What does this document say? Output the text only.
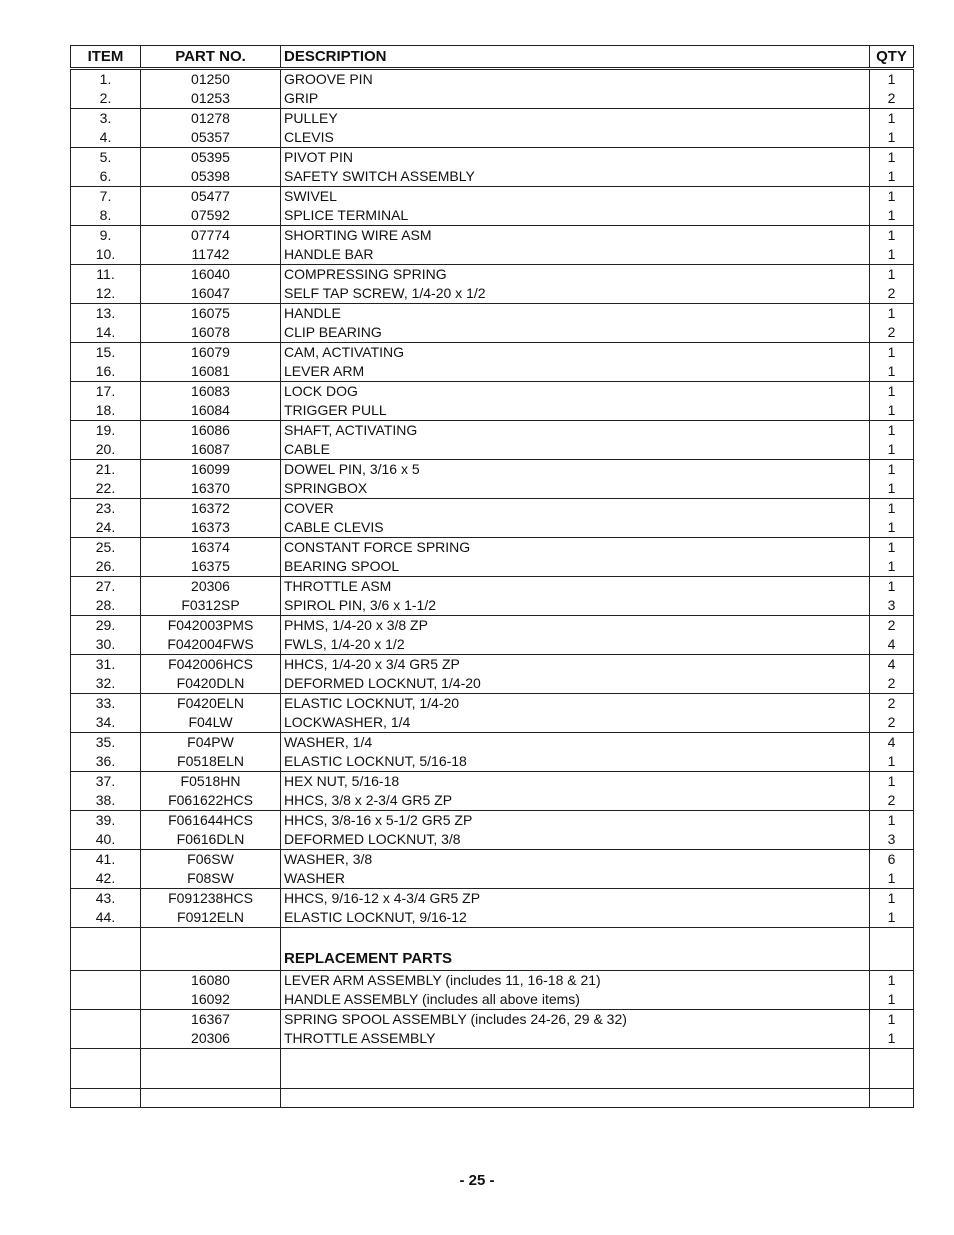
ITEM	PART NO.	DESCRIPTION	QTY
1.	01250	GROOVE PIN	1
2.	01253	GRIP	2
3.	01278	PULLEY	1
4.	05357	CLEVIS	1
5.	05395	PIVOT PIN	1
6.	05398	SAFETY SWITCH ASSEMBLY	1
7.	05477	SWIVEL	1
8.	07592	SPLICE TERMINAL	1
9.	07774	SHORTING WIRE ASM	1
10.	11742	HANDLE BAR	1
11.	16040	COMPRESSING SPRING	1
12.	16047	SELF TAP SCREW, 1/4-20 x 1/2	2
13.	16075	HANDLE	1
14.	16078	CLIP BEARING	2
15.	16079	CAM, ACTIVATING	1
16.	16081	LEVER ARM	1
17.	16083	LOCK DOG	1
18.	16084	TRIGGER PULL	1
19.	16086	SHAFT, ACTIVATING	1
20.	16087	CABLE	1
21.	16099	DOWEL PIN, 3/16 x 5	1
22.	16370	SPRINGBOX	1
23.	16372	COVER	1
24.	16373	CABLE CLEVIS	1
25.	16374	CONSTANT FORCE SPRING	1
26.	16375	BEARING SPOOL	1
27.	20306	THROTTLE ASM	1
28.	F0312SP	SPIROL PIN, 3/6 x 1-1/2	3
29.	F042003PMS	PHMS, 1/4-20 x 3/8 ZP	2
30.	F042004FWS	FWLS, 1/4-20 x 1/2	4
31.	F042006HCS	HHCS, 1/4-20 x 3/4 GR5 ZP	4
32.	F0420DLN	DEFORMED LOCKNUT, 1/4-20	2
33.	F0420ELN	ELASTIC LOCKNUT, 1/4-20	2
34.	F04LW	LOCKWASHER, 1/4	2
35.	F04PW	WASHER, 1/4	4
36.	F0518ELN	ELASTIC LOCKNUT, 5/16-18	1
37.	F0518HN	HEX NUT, 5/16-18	1
38.	F061622HCS	HHCS, 3/8 x 2-3/4 GR5 ZP	2
39.	F061644HCS	HHCS, 3/8-16 x 5-1/2 GR5 ZP	1
40.	F0616DLN	DEFORMED LOCKNUT, 3/8	3
41.	F06SW	WASHER, 3/8	6
42.	F08SW	WASHER	1
43.	F091238HCS	HHCS, 9/16-12 x 4-3/4 GR5 ZP	1
44.	F0912ELN	ELASTIC LOCKNUT, 9/16-12	1
		REPLACEMENT PARTS	
	16080	LEVER ARM ASSEMBLY (includes 11, 16-18 & 21)	1
	16092	HANDLE ASSEMBLY (includes all above items)	1
	16367	SPRING SPOOL ASSEMBLY (includes 24-26, 29 & 32)	1
	20306	THROTTLE ASSEMBLY	1

- 25 -
